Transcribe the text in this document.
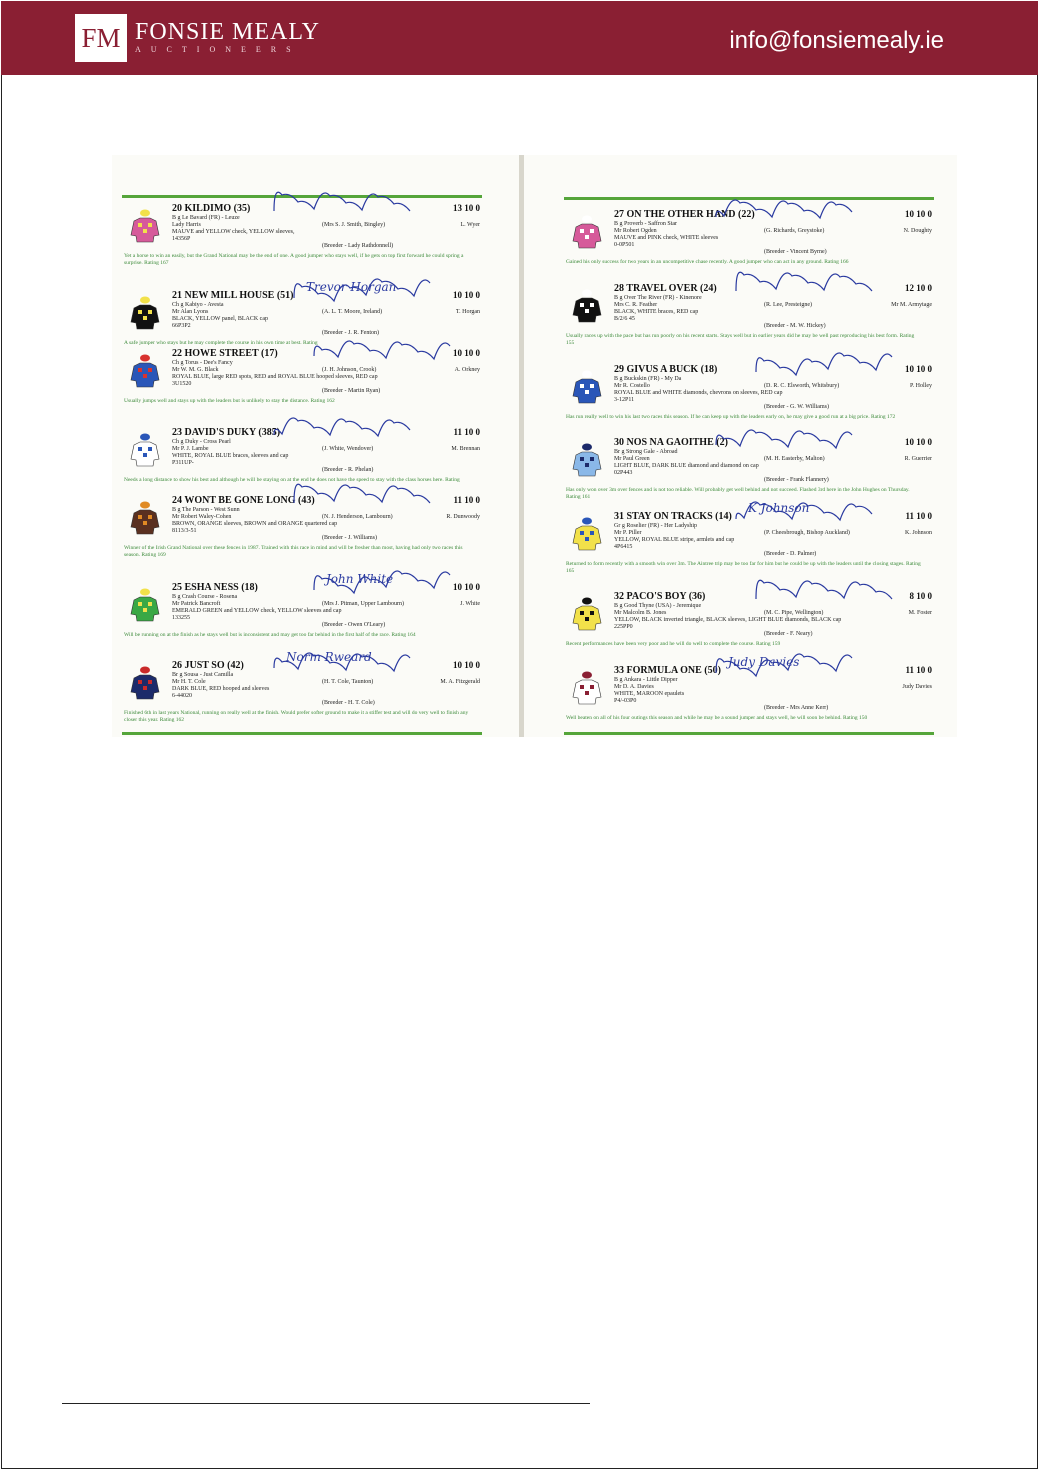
FM FONSIE MEALY
AUCTIONEERS	info@fonsiemealy.ie
20 KILDIMO (35)	13 10 0
B g Le Bavard (FR) - Leuze
Lady Harris
MAUVE and YELLOW check, YELLOW sleeves,
14356P
(Mrs S. J. Smith, Bingley)	L. Wyer
(Breeder - Lady Rathdonnell)
Yet a horse to win an easily, but the Grand National may be the end of one. A good jumper who stays well, if he gets on top first forward he could spring a surprise. Rating 167
21 NEW MILL HOUSE (51)	10 10 0
Ch g Kabiyo - Avesta
Mr Alan Lyons
BLACK, YELLOW panel, BLACK cap
66P3P2
(A. L. T. Moore, Ireland)	T. Horgan
(Breeder - J. R. Fenton)
A safe jumper who stays but he may complete the course in his own time at best. Rating
Trevor Horgan
22 HOWE STREET (17)	10 10 0
Ch g Torus - Dee's Fancy
Mr W. M. G. Black
ROYAL BLUE, large RED spots, RED and ROYAL BLUE hooped sleeves, RED cap
3U1520
(J. H. Johnson, Crook)	A. Orkney
(Breeder - Martin Ryan)
Usually jumps well and stays up with the leaders but is unlikely to stay the distance. Rating 162
23 DAVID'S DUKY (385)	11 10 0
Ch g Duky - Cross Pearl
Mr P. J. Lambe
WHITE, ROYAL BLUE braces, sleeves and cap
P311UP-
(J. White, Wendover)	M. Brennan
(Breeder - R. Phelan)
Needs a long distance to show his best and although he will be staying on at the end he does not have the speed to stay with the class horses here. Rating
24 WONT BE GONE LONG (43)	11 10 0
B g The Parson - West Sunn
Mr Robert Waley-Cohen
BROWN, ORANGE sleeves, BROWN and ORANGE quartered cap
8113/3-51
(N. J. Henderson, Lambourn)	R. Dunwoody
(Breeder - J. Williams)
Winner of the Irish Grand National over these fences in 1987. Trained with this race in mind and will be fresher than most, having had only two races this season. Rating 169
25 ESHA NESS (18)	10 10 0
B g Crash Course - Rosena
Mr Patrick Bancroft
EMERALD GREEN and YELLOW check, YELLOW sleeves and cap
133255
(Mrs J. Pitman, Upper Lambourn)	J. White
(Breeder - Owen O'Leary)
Will be running on at the finish as he stays well but is inconsistent and may get too far behind in the first half of the race. Rating 164
John White
26 JUST SO (42)	10 10 0
Br g Sousa - Just Camilla
Mr H. T. Cole
DARK BLUE, RED hooped and sleeves
6-44020
(H. T. Cole, Taunton)	M. A. Fitzgerald
(Breeder - H. T. Cole)
Finished 6th in last years National, running on really well at the finish. Would prefer softer ground to make it a stiffer test and will do very well to finish any closer this year. Rating 162
Norm Rweard
27 ON THE OTHER HAND (22)	10 10 0
B g Proverb - Saffron Star
Mr Robert Ogden
MAUVE and PINK check, WHITE sleeves
0-0P501
(G. Richards, Greystoke)	N. Doughty
(Breeder - Vincent Byrne)
Gained his only success for two years in an uncompetitive chase recently. A good jumper who can act in any ground. Rating 166
28 TRAVEL OVER (24)	12 10 0
B g Over The River (FR) - Kinenore
Mrs C. R. Feather
BLACK, WHITE braces, RED cap
B/2/6 45
(R. Lee, Presteigne)	Mr M. Armytage
(Breeder - M. W. Hickey)
Usually races up with the pace but has run poorly on his recent starts. Stays well but in earlier years did he may be well past reproducing his best form. Rating 155
29 GIVUS A BUCK (18)	10 10 0
B g Buckskin (FR) - My Da
Mr R. Costello
ROYAL BLUE and WHITE diamonds, chevrons on sleeves, RED cap
3-12P11
(D. R. C. Elsworth, Whitsbury)	P. Holley
(Breeder - G. W. Williams)
Has run really well to win his last two races this season. If he can keep up with the leaders early on, he may give a good run at a big price. Rating 172
30 NOS NA GAOITHE (2)	10 10 0
Br g Strong Gale - Abroad
Mr Paul Green
LIGHT BLUE, DARK BLUE diamond and diamond on cap
02P443
(M. H. Easterby, Malton)	R. Guerrier
(Breeder - Frank Flannery)
Has only won over 3m over fences and is not too reliable. Will probably get well behind and not succeed. Flashed 3rd here in the John Hughes on Thursday. Rating 161
31 STAY ON TRACKS (14)	11 10 0
Gr g Roselier (FR) - Her Ladyship
Mr P. Piller
YELLOW, ROYAL BLUE stripe, armlets and cap
4P6415
(P. Cheesbrough, Bishop Auckland)	K. Johnson
(Breeder - D. Palmer)
Returned to form recently with a smooth win over 3m. The Aintree trip may be too far for him but he could be up with the leaders until the closing stages. Rating 165
K Johnson
32 PACO'S BOY (36)	8 10 0
B g Good Thyne (USA) - Jeremique
Mr Malcolm B. Jones
YELLOW, BLACK inverted triangle, BLACK sleeves, LIGHT BLUE diamonds, BLACK cap
225PP0
(M. C. Pipe, Wellington)	M. Foster
(Breeder - F. Neary)
Recent performances have been very poor and he will do well to complete the course. Rating 159
33 FORMULA ONE (50)	11 10 0
B g Ankara - Little Dipper
Mr D. A. Davies
WHITE, MAROON epaulets
P4/-03P0
Judy Davies
(Breeder - Mrs Anne Kerr)
Well beaten on all of his four outings this season and while he may be a sound jumper and stays well, he will soon be behind. Rating 150
Judy Davies
